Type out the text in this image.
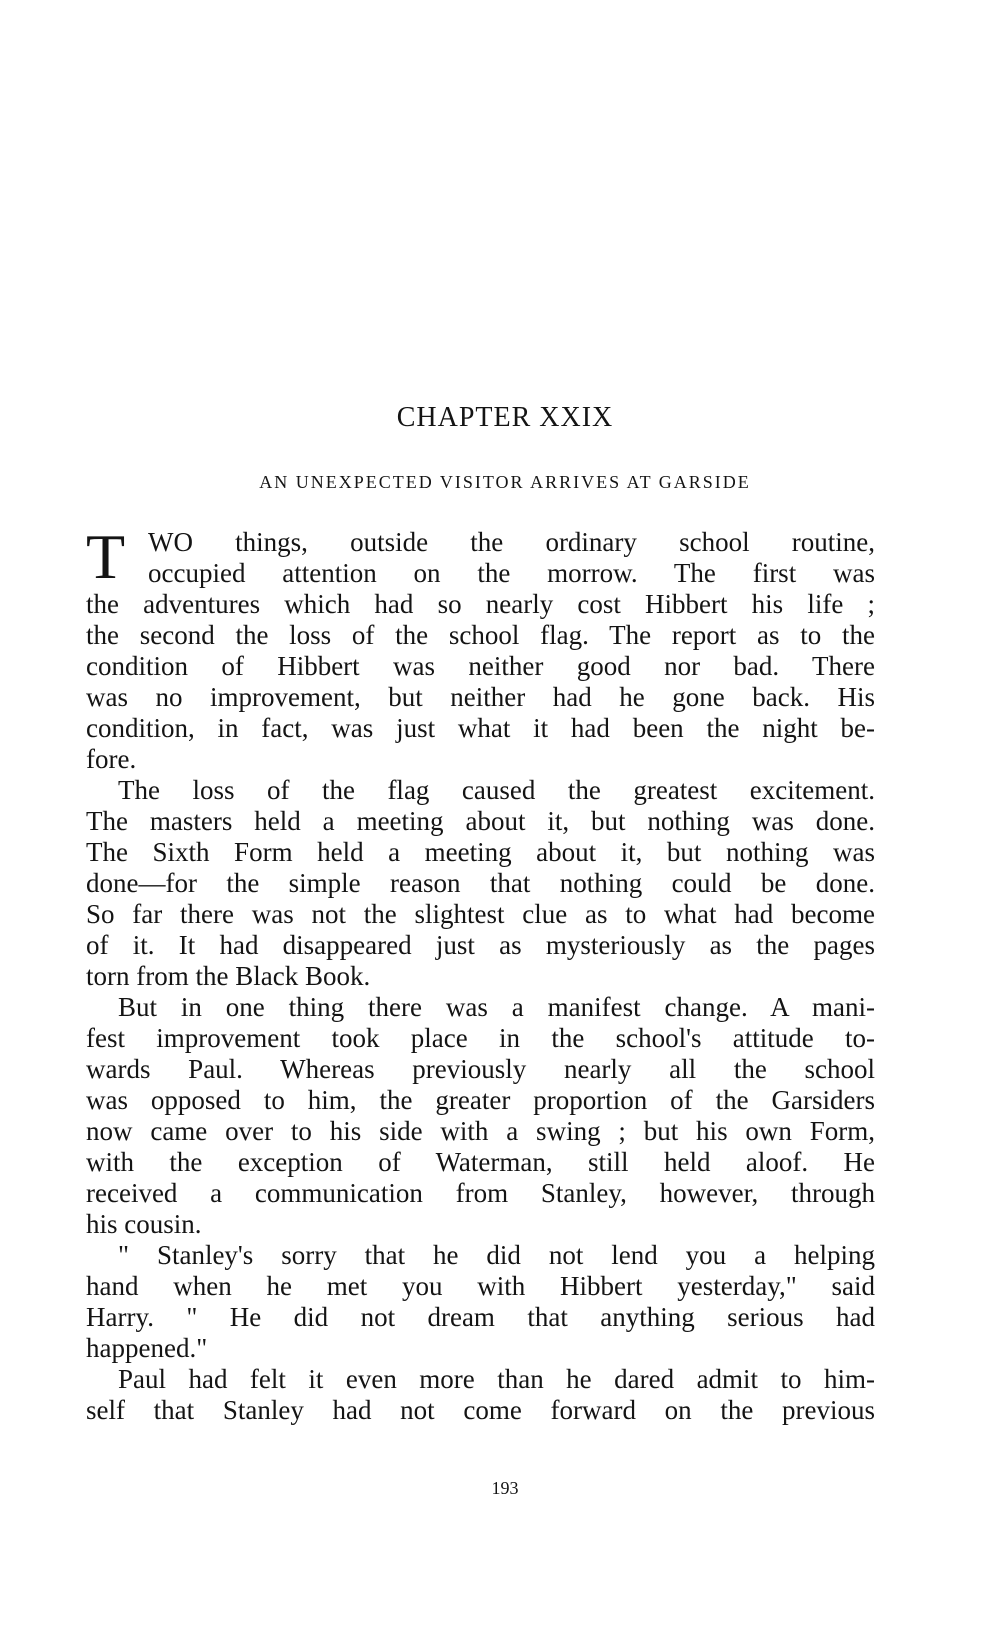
CHAPTER XXIX
AN UNEXPECTED VISITOR ARRIVES AT GARSIDE

T WO things, outside the ordinary school routine,
occupied attention on the morrow. The first was
the adventures which had so nearly cost Hibbert his life ;
the second the loss of the school flag. The report as to the
condition of Hibbert was neither good nor bad. There
was no improvement, but neither had he gone back. His
condition, in fact, was just what it had been the night be-
fore.

The loss of the flag caused the greatest excitement.
The masters held a meeting about it, but nothing was done.
The Sixth Form held a meeting about it, but nothing was
done—for the simple reason that nothing could be done.
So far there was not the slightest clue as to what had become
of it. It had disappeared just as mysteriously as the pages
torn from the Black Book.

But in one thing there was a manifest change. A mani-
fest improvement took place in the school's attitude to-
wards Paul. Whereas previously nearly all the school
was opposed to him, the greater proportion of the Garsiders
now came over to his side with a swing ; but his own Form,
with the exception of Waterman, still held aloof. He
received a communication from Stanley, however, through
his cousin.

" Stanley's sorry that he did not lend you a helping
hand when he met you with Hibbert yesterday," said
Harry. " He did not dream that anything serious had
happened."

Paul had felt it even more than he dared admit to him-
self that Stanley had not come forward on the previous

193
